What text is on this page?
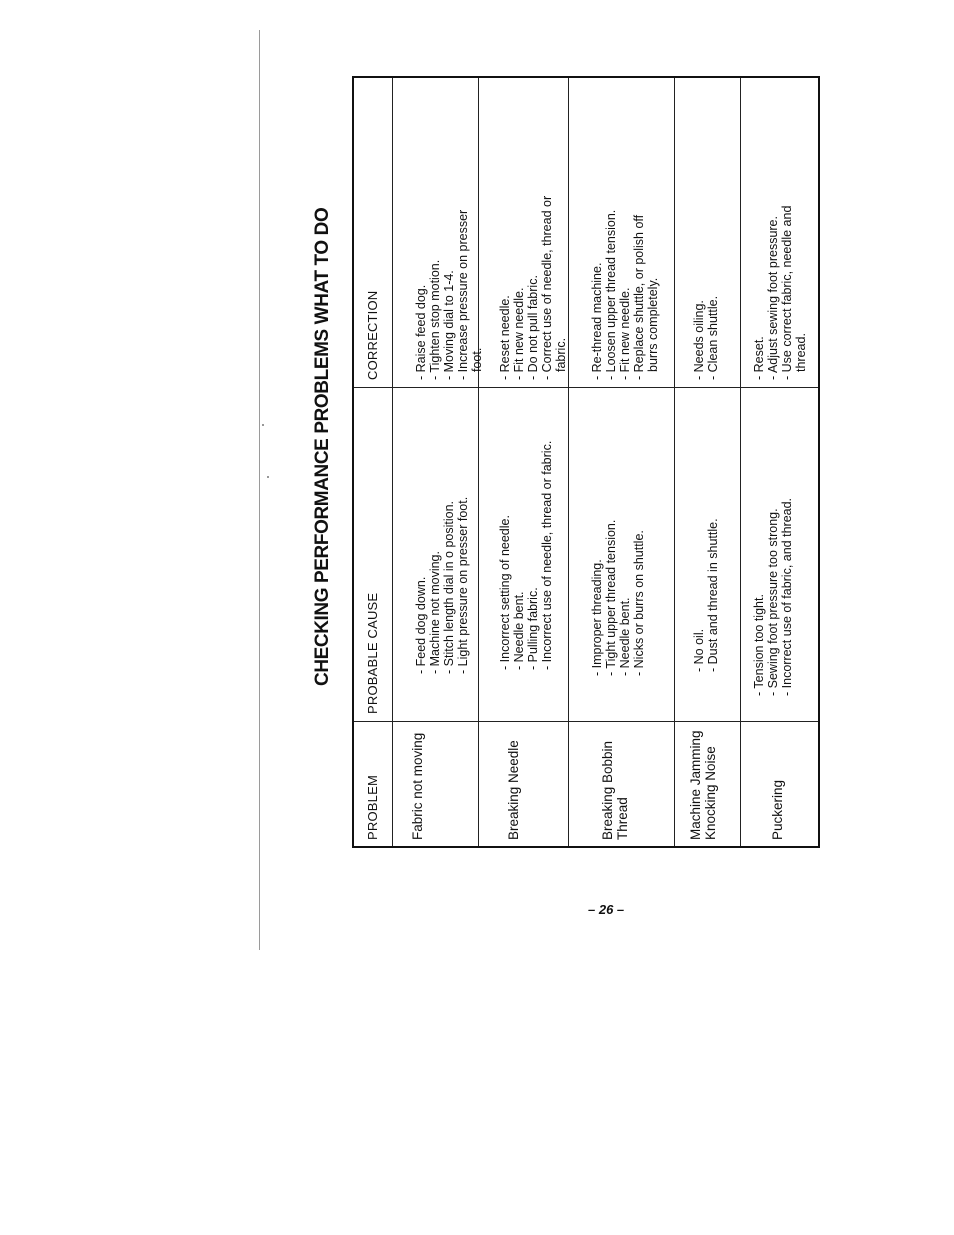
CHECKING PERFORMANCE PROBLEMS WHAT TO DO
PROBLEM
PROBABLE CAUSE
CORRECTION
Fabric not moving
- Feed dog down. - Machine not moving. - Stitch length dial in o position. - Light pressure on presser foot.
- Raise feed dog. - Tighten stop motion. - Moving dial to 1-4. - Increase pressure on presser foot.
Breaking Needle
- Incorrect setting of needle. - Needle bent. - Pulling fabric. - Incorrect use of needle, thread or fabric.
- Reset needle. - Fit new needle. - Do not pull fabric. - Correct use of needle, thread or fabric.
Breaking Bobbin Thread
- Improper threading. - Tight upper thread tension. - Needle bent. - Nicks or burrs on shuttle.
- Re-thread machine. - Loosen upper thread tension. - Fit new needle. - Replace shuttle, or polish off burrs completely.
Machine Jamming Knocking Noise
- No oil. - Dust and thread in shuttle.
- Needs oiling. - Clean shuttle.
Puckering
- Tension too tight. - Sewing foot pressure too strong. - Incorrect use of fabric, and thread.
- Reset. - Adjust sewing foot pressure. - Use correct fabric, needle and thread.
– 26 –
